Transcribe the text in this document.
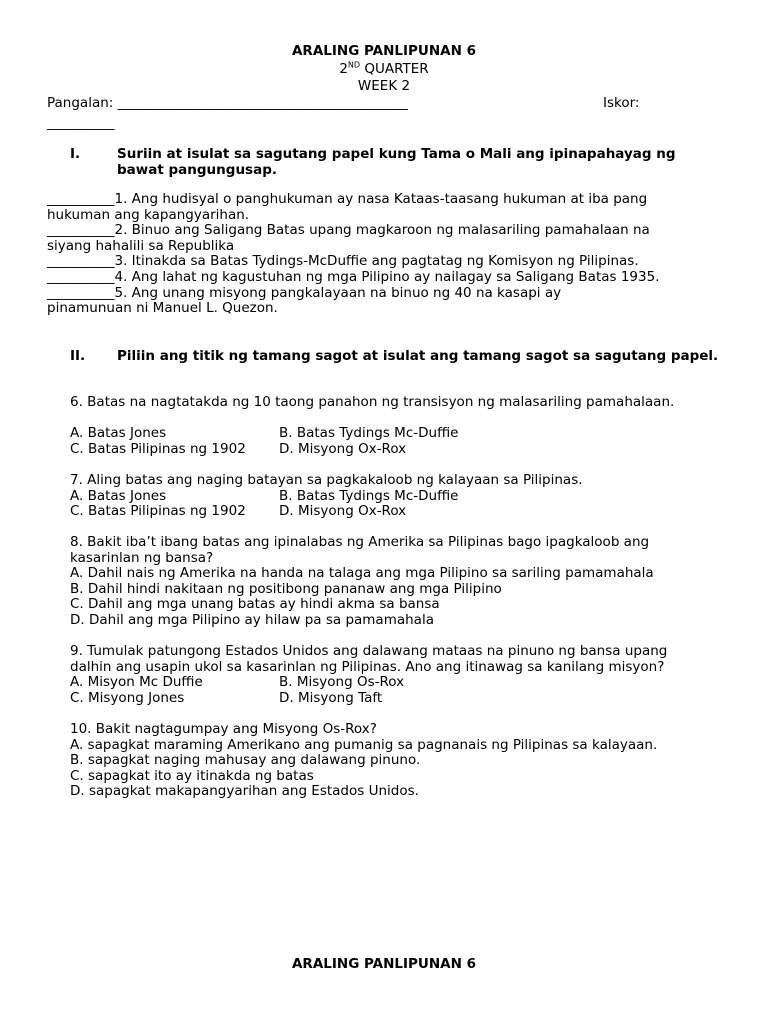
ARALING PANLIPUNAN 6
2ND QUARTER
WEEK 2
Pangalan: ___________________________________________	Iskor:
__________
I.	Suriin at isulat sa sagutang papel kung Tama o Mali ang ipinapahayag ng bawat pangungusap.
__________1. Ang hudisyal o panghukuman ay nasa Kataas-taasang hukuman at iba pang
hukuman ang kapangyarihan.
__________2. Binuo ang Saligang Batas upang magkaroon ng malasariling pamahalaan na
siyang hahalili sa Republika
__________3. Itinakda sa Batas Tydings-McDuffie ang pagtatag ng Komisyon ng Pilipinas.
__________4. Ang lahat ng kagustuhan ng mga Pilipino ay nailagay sa Saligang Batas 1935.
__________5. Ang unang misyong pangkalayaan na binuo ng 40 na kasapi ay
pinamunuan ni Manuel L. Quezon.
II. Piliin ang titik ng tamang sagot at isulat ang tamang sagot sa sagutang papel.
6. Batas na nagtatakda ng 10 taong panahon ng transisyon ng malasariling pamahalaan.
A. Batas Jones	B. Batas Tydings Mc-Duffie
C. Batas Pilipinas ng 1902	D. Misyong Ox-Rox
7. Aling batas ang naging batayan sa pagkakaloob ng kalayaan sa Pilipinas.
A. Batas Jones	B. Batas Tydings Mc-Duffie
C. Batas Pilipinas ng 1902	D. Misyong Ox-Rox
8. Bakit iba’t ibang batas ang ipinalabas ng Amerika sa Pilipinas bago ipagkaloob ang
kasarinlan ng bansa?
A. Dahil nais ng Amerika na handa na talaga ang mga Pilipino sa sariling pamamahala
B. Dahil hindi nakitaan ng positibong pananaw ang mga Pilipino
C. Dahil ang mga unang batas ay hindi akma sa bansa
D. Dahil ang mga Pilipino ay hilaw pa sa pamamahala
9. Tumulak patungong Estados Unidos ang dalawang mataas na pinuno ng bansa upang
dalhin ang usapin ukol sa kasarinlan ng Pilipinas. Ano ang itinawag sa kanilang misyon?
A. Misyon Mc Duffie	B. Misyong Os-Rox
C. Misyong Jones	D. Misyong Taft
10. Bakit nagtagumpay ang Misyong Os-Rox?
A. sapagkat maraming Amerikano ang pumanig sa pagnanais ng Pilipinas sa kalayaan.
B. sapagkat naging mahusay ang dalawang pinuno.
C. sapagkat ito ay itinakda ng batas
D. sapagkat makapangyarihan ang Estados Unidos.
ARALING PANLIPUNAN 6
